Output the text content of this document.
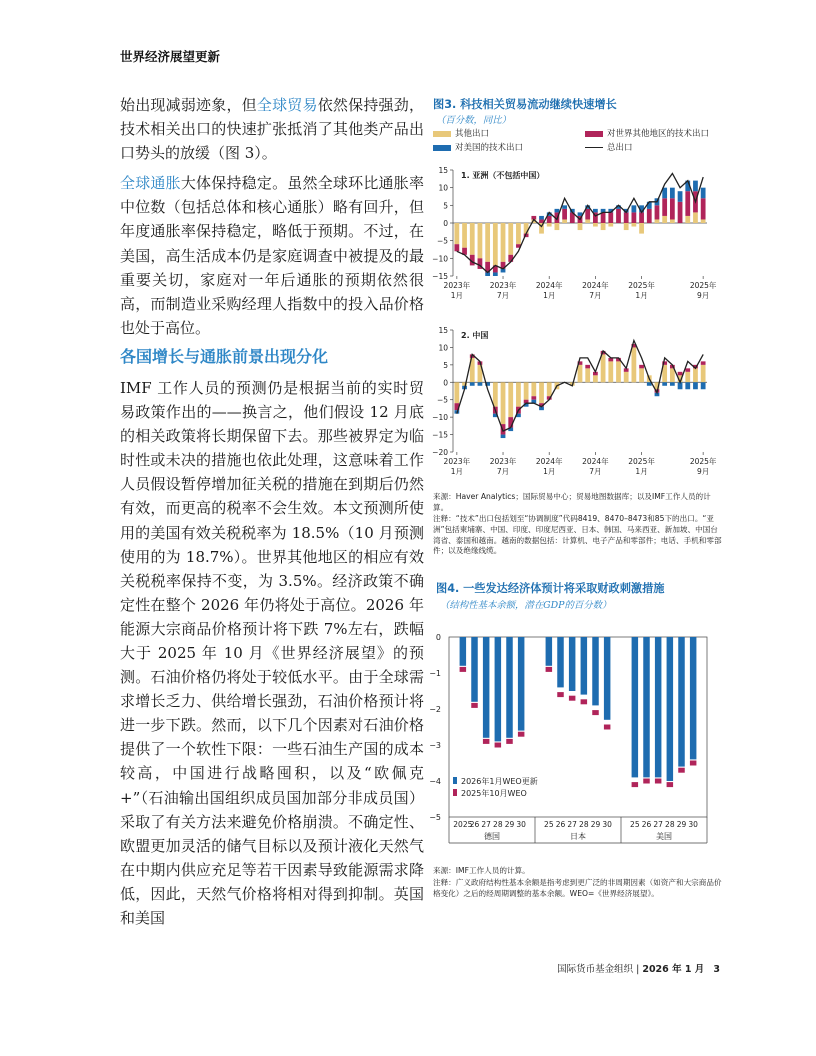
世界经济展望更新

始出现减弱迹象，但全球贸易依然保持强劲，技术相关出口的快速扩张抵消了其他类产品出口势头的放缓（图 3）。

全球通胀大体保持稳定。虽然全球环比通胀率中位数（包括总体和核心通胀）略有回升，但年度通胀率保持稳定，略低于预期。不过，在美国，高生活成本仍是家庭调查中被提及的最重要关切，家庭对一年后通胀的预期依然很高，而制造业采购经理人指数中的投入品价格也处于高位。

各国增长与通胀前景出现分化

IMF 工作人员的预测仍是根据当前的实时贸易政策作出的——换言之，他们假设 12 月底的相关政策将长期保留下去。那些被界定为临时性或未决的措施也依此处理，这意味着工作人员假设暂停增加征关税的措施在到期后仍然有效，而更高的税率不会生效。本文预测所使用的美国有效关税税率为 18.5%（10 月预测使用的为 18.7%）。世界其他地区的相应有效关税税率保持不变，为 3.5%。经济政策不确定性在整个 2026 年仍将处于高位。2026 年能源大宗商品价格预计将下跌 7%左右，跌幅大于 2025 年 10 月《世界经济展望》的预测。石油价格仍将处于较低水平。由于全球需求增长乏力、供给增长强劲，石油价格预计将进一步下跌。然而，以下几个因素对石油价格提供了一个软性下限：一些石油生产国的成本较高，中国进行战略囤积，以及“欧佩克+”（石油输出国组织成员国加部分非成员国）采取了有关方法来避免价格崩溃。不确定性、欧盟更加灵活的储气目标以及预计液化天然气在中期内供应充足等若干因素导致能源需求降低，因此，天然气价格将相对得到抑制。英国和美国

图3. 科技相关贸易流动继续快速增长
（百分数，同比）
其他出口	对世界其他地区的技术出口
对美国的技术出口	总出口
15
10
5
0
−5
−10
−15
1. 亚洲（不包括中国）
2023年
1月
2023年
7月
2024年
1月
2024年
7月
2025年
1月
2025年
9月
15
10
5
0
−5
−10
−15
−20
2. 中国
2023年
1月
2023年
7月
2024年
1月
2024年
7月
2025年
1月
2025年
9月
来源：Haver Analytics；国际贸易中心；贸易地图数据库；以及IMF工作人员的计算。
注释：“技术”出口包括划至“协调制度”代码8419、8470–8473和85下的出口。“亚洲”包括柬埔寨、中国、印度、印度尼西亚、日本、韩国、马来西亚、新加坡、中国台湾省、泰国和越南。越南的数据包括：计算机、电子产品和零部件；电话、手机和零部件；以及绝缘线缆。
图4. 一些发达经济体预计将采取财政刺激措施
（结构性基本余额，潜在GDP的百分数）
0
−1
−2
−3
−4
−5
2025
26 27 28 29 30
德国
25 26 27 28 29 30
日本
25 26 27 28 29 30
美国
2026年1月WEO更新
2025年10月WEO
来源：IMF工作人员的计算。
注释：广义政府结构性基本余额是指考虑到更广泛的非周期因素（如资产和大宗商品价格变化）之后的经周期调整的基本余额。WEO=《世界经济展望》。
国际货币基金组织 | 2026 年 1 月 3
